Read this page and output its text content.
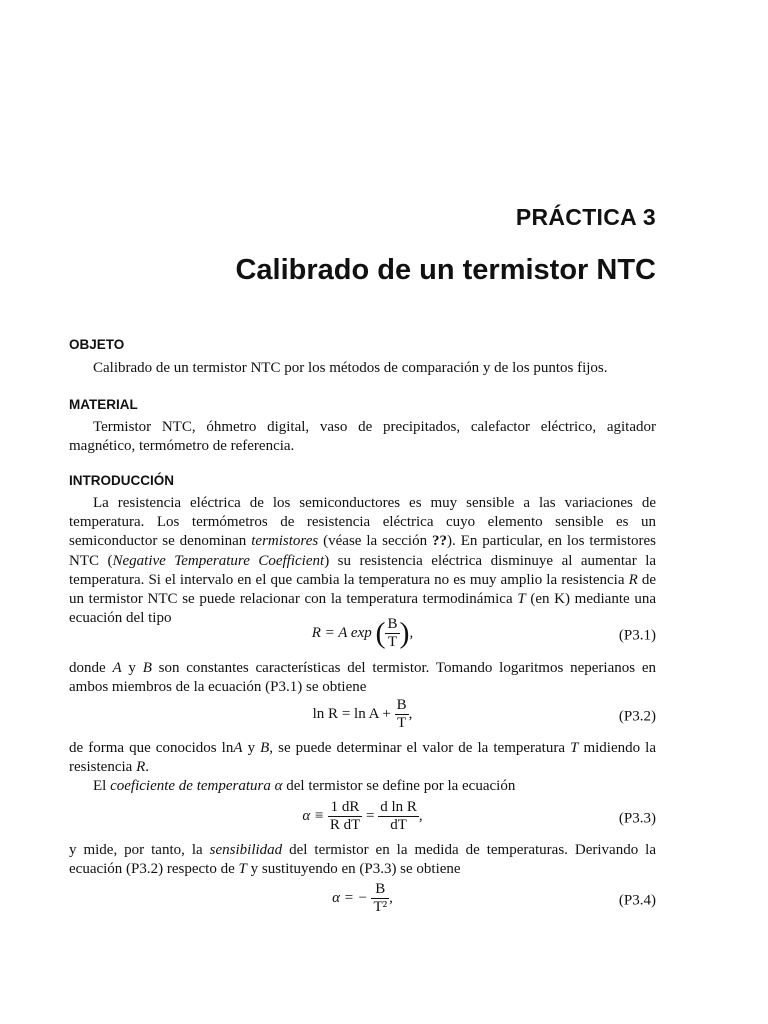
PRÁCTICA 3
Calibrado de un termistor NTC
OBJETO

Calibrado de un termistor NTC por los métodos de comparación y de los puntos fijos.

MATERIAL

Termistor NTC, óhmetro digital, vaso de precipitados, calefactor eléctrico, agitador magnético, termómetro de referencia.

INTRODUCCIÓN

La resistencia eléctrica de los semiconductores es muy sensible a las variaciones de temperatura. Los termómetros de resistencia eléctrica cuyo elemento sensible es un semiconductor se denominan termistores (véase la sección ??). En particular, en los termistores NTC (Negative Temperature Coefficient) su resistencia eléctrica disminuye al aumentar la temperatura. Si el intervalo en el que cambia la temperatura no es muy amplio la resistencia R de un termistor NTC se puede relacionar con la temperatura termodinámica T (en K) mediante una ecuación del tipo

R = A exp ( $\frac{B}{T}$ ),	(P3.1)

donde A y B son constantes características del termistor. Tomando logaritmos neperianos en ambos miembros de la ecuación (P3.1) se obtiene

$\ln R = \ln A + \frac{B}{T}$ ,	(P3.2)

de forma que conocidos lnA y B, se puede determinar el valor de la temperatura T midiendo la resistencia R.

El coeficiente de temperatura α del termistor se define por la ecuación

$\alpha \equiv \frac{1 dR}{\text{R dT}} = \frac{\text{d ln R}}{dT}$ ,	(P3.3)

y mide, por tanto, la sensibilidad del termistor en la medida de temperaturas. Derivando la ecuación (P3.2) respecto de T y sustituyendo en (P3.3) se obtiene

α = − $\frac{B}{\text{T²}}$ ,	(P3.4)
